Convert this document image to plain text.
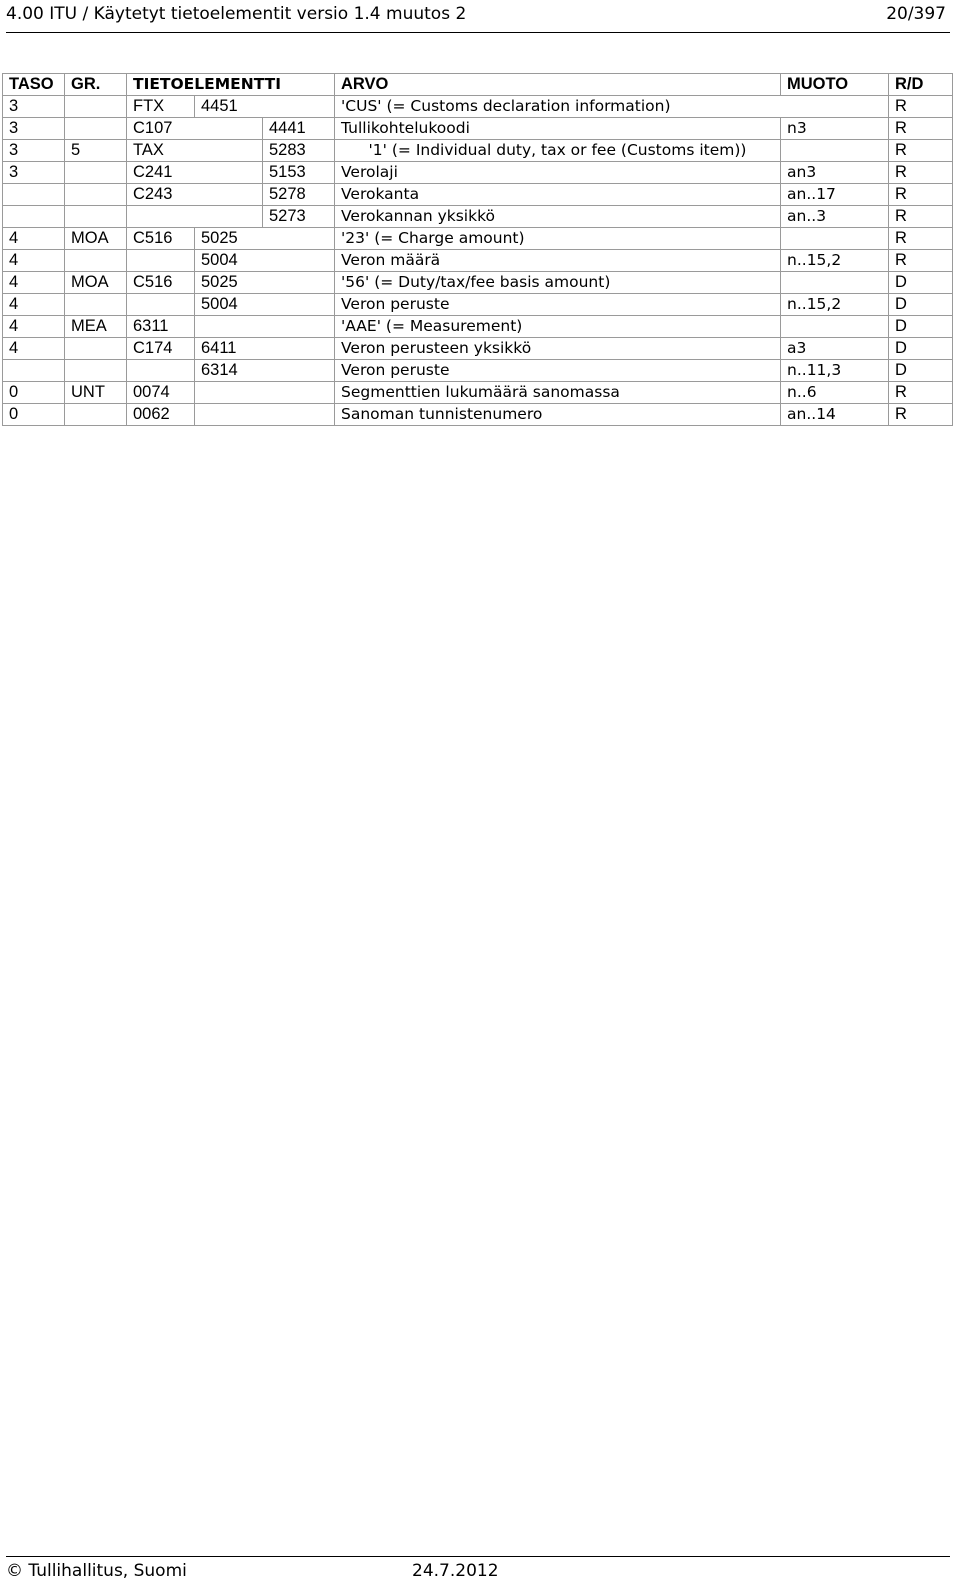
4.00 ITU / Käytetyt tietoelementit versio 1.4 muutos 2	20/397
TASO	GR.	TIETOELEMENTTI			ARVO	MUOTO	R/D
3		FTX	4451		'CUS' (= Customs declaration information)		R
3		C107		4441	Tullikohtelukoodi	n3	R
3	5	TAX		5283	'1' (= Individual duty, tax or fee (Customs item))		R
3		C241		5153	Verolaji	an3	R
		C243		5278	Verokanta	an..17	R
				5273	Verokannan yksikkö	an..3	R
4	MOA	C516	5025		'23' (= Charge amount)		R
4			5004		Veron määrä	n..15,2	R
4	MOA	C516	5025		'56' (= Duty/tax/fee basis amount)		D
4			5004		Veron peruste	n..15,2	D
4	MEA	6311			'AAE' (= Measurement)		D
4		C174	6411		Veron perusteen yksikkö	a3	D
			6314		Veron peruste	n..11,3	D
0	UNT	0074			Segmenttien lukumäärä sanomassa	n..6	R
0		0062			Sanoman tunnistenumero	an..14	R
© Tullihallitus, Suomi	24.7.2012
